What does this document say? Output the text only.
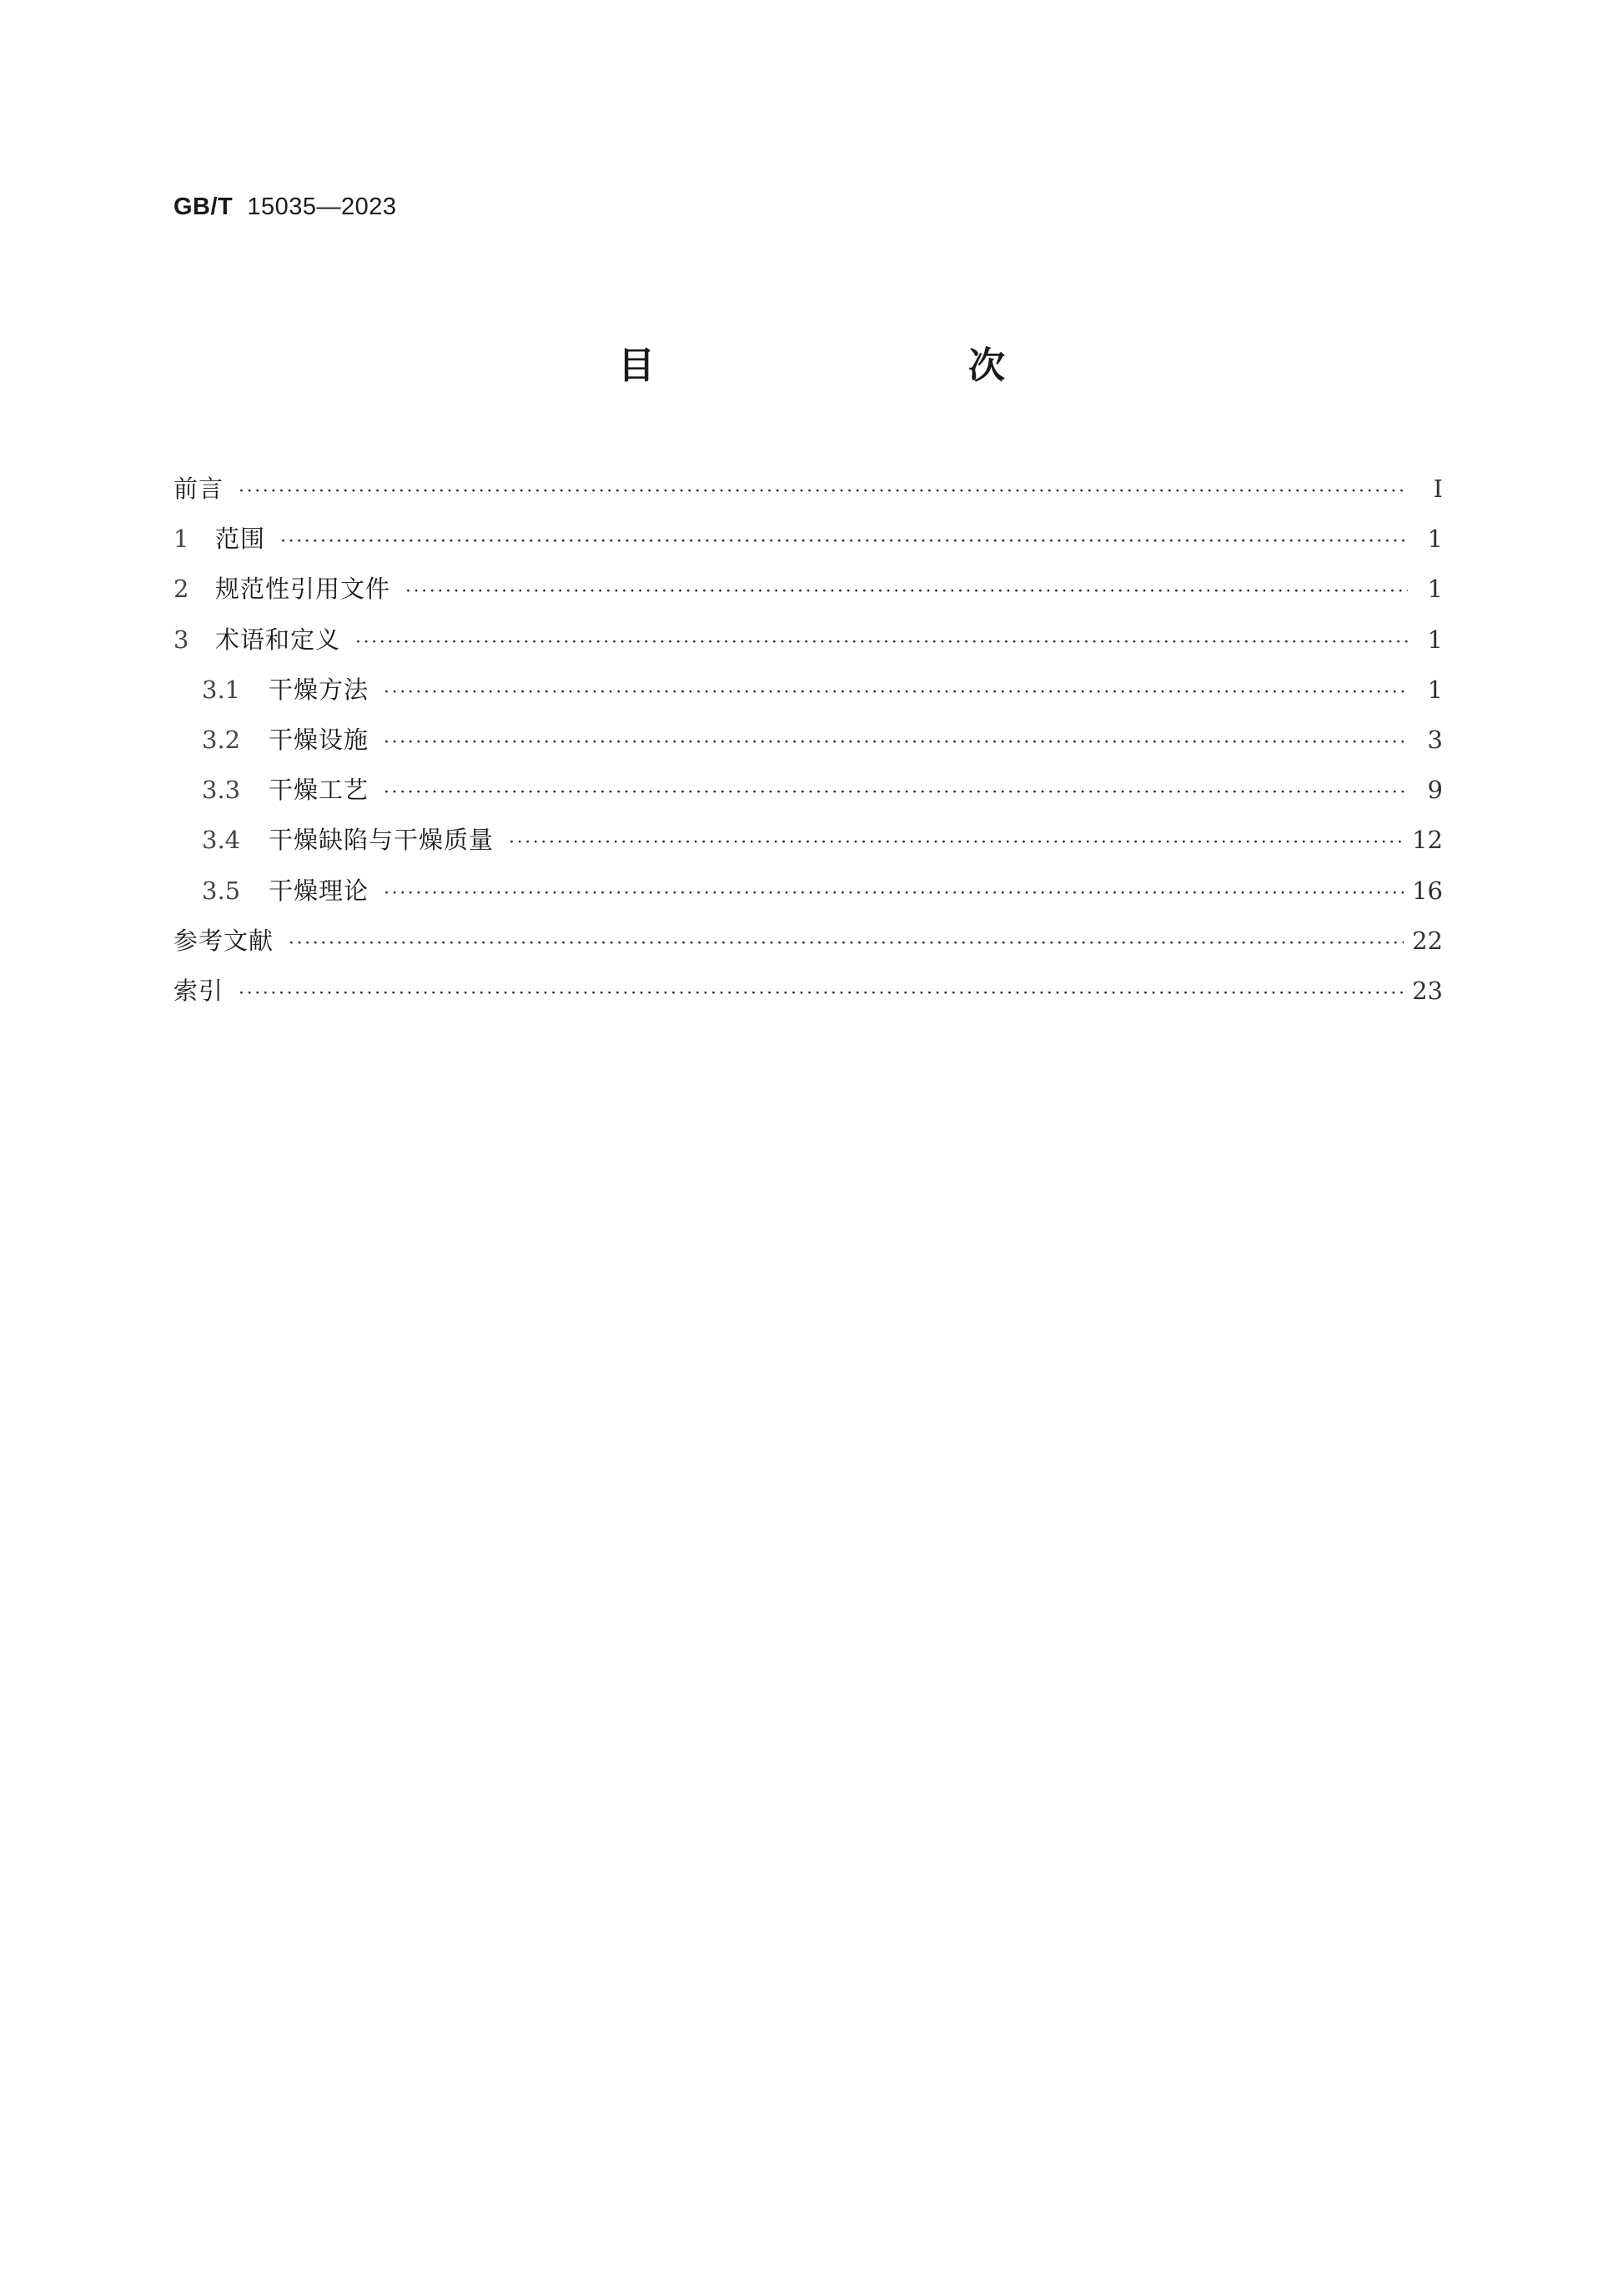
GB/T 15035—2023
目　　次
前言 ·····	Ⅰ
1	范围 ·····	1
2	规范性引用文件 ·····	1
3	术语和定义 ·····	1
3.1	干燥方法 ·····	1
3.2	干燥设施 ·····	3
3.3	干燥工艺 ·····	9
3.4	干燥缺陷与干燥质量 ·····	12
3.5	干燥理论 ·····	16
参考文献 ·····	22
索引 ·····	23
